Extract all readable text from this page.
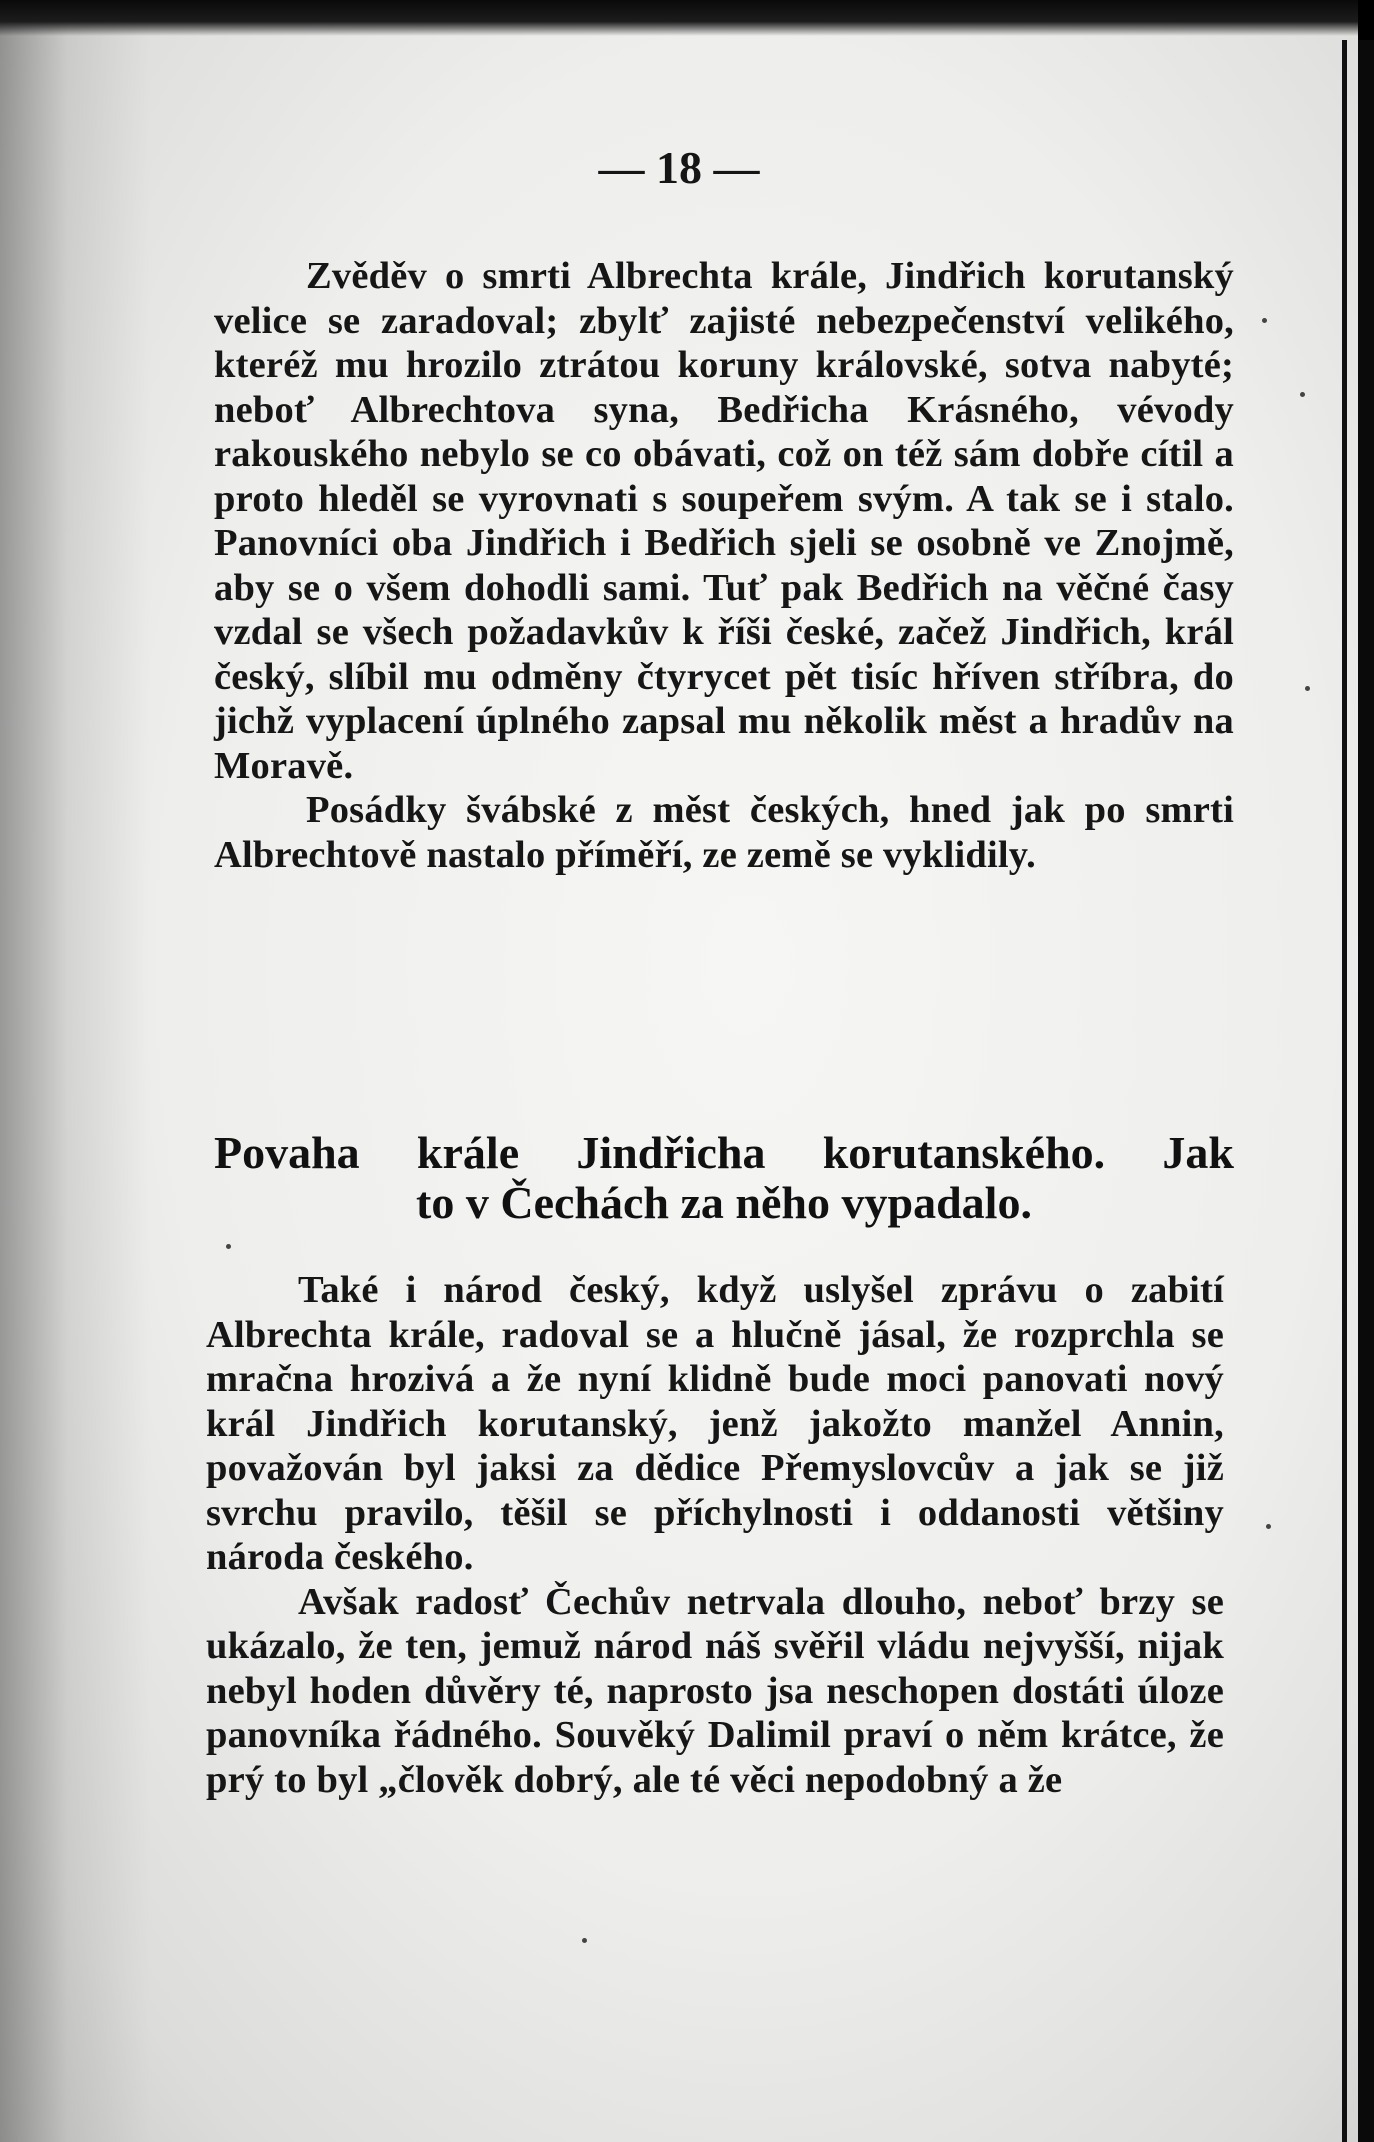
— 18 —

Zvěděv o smrti Albrechta krále, Jindřich korutanský velice se zaradoval; zbylť zajisté nebezpečenství velikého, kteréž mu hrozilo ztrátou koruny královské, sotva nabyté; neboť Albrechtova syna, Bedřicha Krásného, vévody rakouského nebylo se co obávati, což on též sám dobře cítil a proto hleděl se vyrovnati s soupeřem svým. A tak se i stalo. Panovníci oba Jindřich i Bedřich sjeli se osobně ve Znojmě, aby se o všem dohodli sami. Tuť pak Bedřich na věčné časy vzdal se všech požadavkův k říši české, začež Jindřich, král český, slíbil mu odměny čtyrycet pět tisíc hříven stříbra, do jichž vyplacení úplného zapsal mu několik měst a hradův na Moravě.

Posádky švábské z měst českých, hned jak po smrti Albrechtově nastalo příměří, ze země se vyklidily.

Povaha krále Jindřicha korutanského. Jak
to v Čechách za něho vypadalo.

Také i národ český, když uslyšel zprávu o zabití Albrechta krále, radoval se a hlučně jásal, že rozprchla se mračna hrozivá a že nyní klidně bude moci panovati nový král Jindřich korutanský, jenž jakožto manžel Annin, považován byl jaksi za dědice Přemyslovcův a jak se již svrchu pravilo, těšil se příchylnosti i oddanosti většiny národa českého.

Avšak radosť Čechův netrvala dlouho, neboť brzy se ukázalo, že ten, jemuž národ náš svěřil vládu nejvyšší, nijak nebyl hoden důvěry té, naprosto jsa neschopen dostáti úloze panovníka řádného. Souvěký Dalimil praví o něm krátce, že prý to byl „člověk dobrý, ale té věci nepodobný a že
